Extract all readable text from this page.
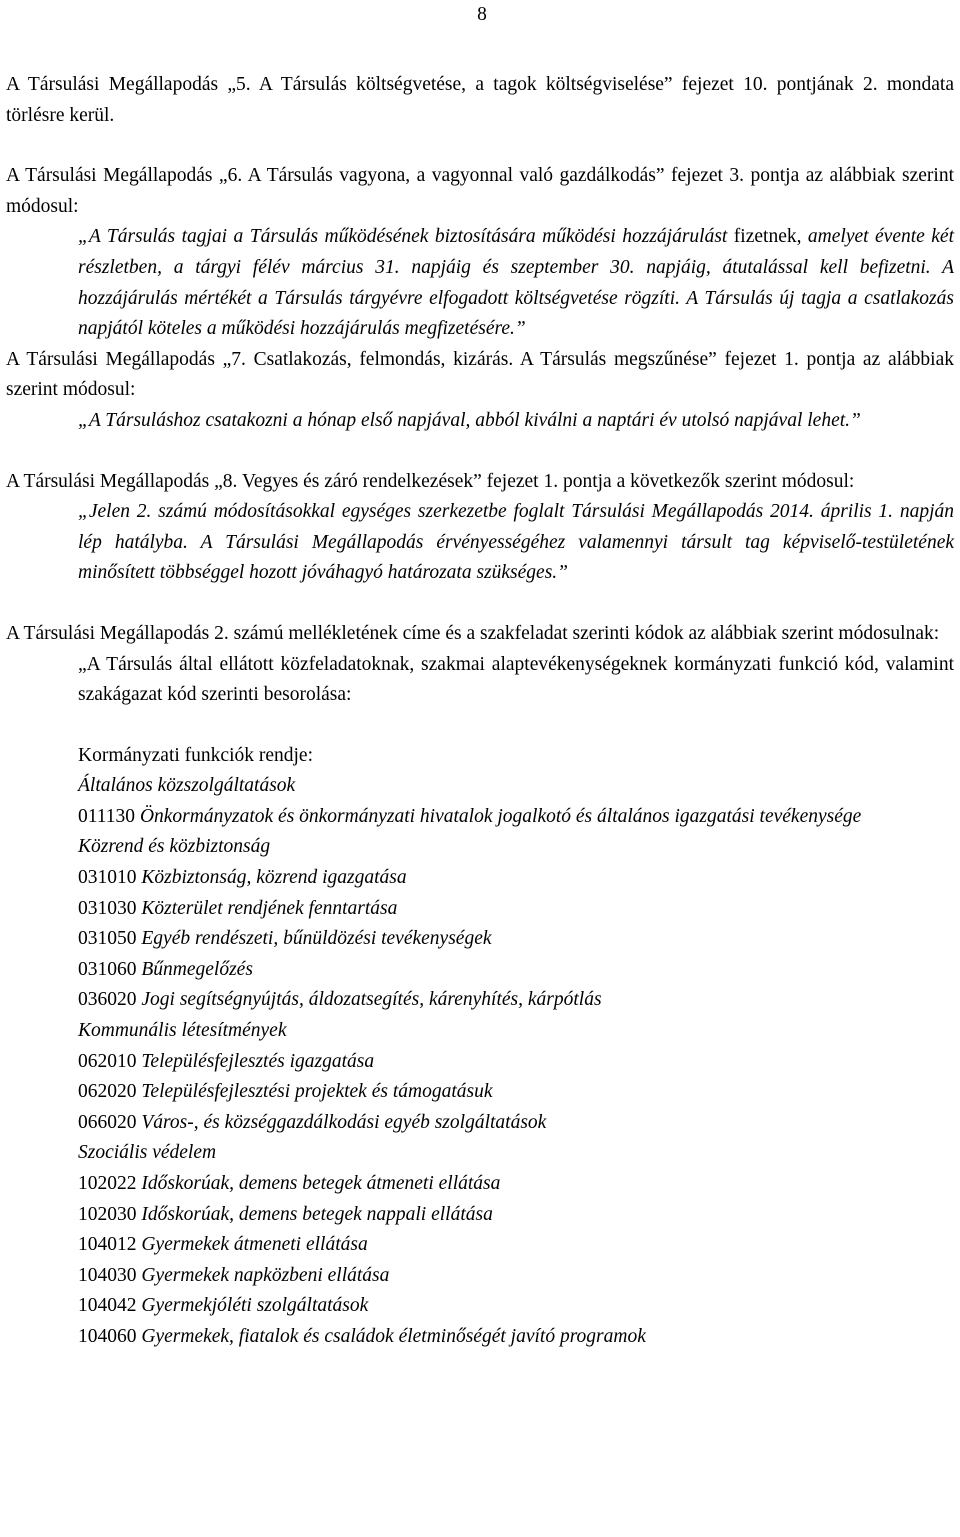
8

A Társulási Megállapodás „5. A Társulás költségvetése, a tagok költségviselése” fejezet 10. pontjának 2. mondata törlésre kerül.

A Társulási Megállapodás „6. A Társulás vagyona, a vagyonnal való gazdálkodás” fejezet 3. pontja az alábbiak szerint módosul:

„A Társulás tagjai a Társulás működésének biztosítására működési hozzájárulást fizetnek, amelyet évente két részletben, a tárgyi félév március 31. napjáig és szeptember 30. napjáig, átutalással kell befizetni. A hozzájárulás mértékét a Társulás tárgyévre elfogadott költségvetése rögzíti. A Társulás új tagja a csatlakozás napjától köteles a működési hozzájárulás megfizetésére.”

A Társulási Megállapodás „7. Csatlakozás, felmondás, kizárás. A Társulás megszűnése” fejezet 1. pontja az alábbiak szerint módosul:

„A Társuláshoz csatakozni a hónap első napjával, abból kiválni a naptári év utolsó napjával lehet.”

A Társulási Megállapodás „8. Vegyes és záró rendelkezések” fejezet 1. pontja a következők szerint módosul:

„Jelen 2. számú módosításokkal egységes szerkezetbe foglalt Társulási Megállapodás 2014. április 1. napján lép hatályba. A Társulási Megállapodás érvényességéhez valamennyi társult tag képviselő-testületének minősített többséggel hozott jóváhagyó határozata szükséges.”

A Társulási Megállapodás 2. számú mellékletének címe és a szakfeladat szerinti kódok az alábbiak szerint módosulnak:

„A Társulás által ellátott közfeladatoknak, szakmai alaptevékenységeknek kormányzati funkció kód, valamint szakágazat kód szerinti besorolása:

Kormányzati funkciók rendje:

Általános közszolgáltatások

011130 Önkormányzatok és önkormányzati hivatalok jogalkotó és általános igazgatási tevékenysége

Közrend és közbiztonság

031010 Közbiztonság, közrend igazgatása

031030 Közterület rendjének fenntartása

031050 Egyéb rendészeti, bűnüldözési tevékenységek

031060 Bűnmegelőzés

036020 Jogi segítségnyújtás, áldozatsegítés, kárenyhítés, kárpótlás

Kommunális létesítmények

062010 Településfejlesztés igazgatása

062020 Településfejlesztési projektek és támogatásuk

066020 Város-, és községgazdálkodási egyéb szolgáltatások

Szociális védelem

102022 Időskorúak, demens betegek átmeneti ellátása

102030 Időskorúak, demens betegek nappali ellátása

104012 Gyermekek átmeneti ellátása

104030 Gyermekek napközbeni ellátása

104042 Gyermekjóléti szolgáltatások

104060 Gyermekek, fiatalok és családok életminőségét javító programok
